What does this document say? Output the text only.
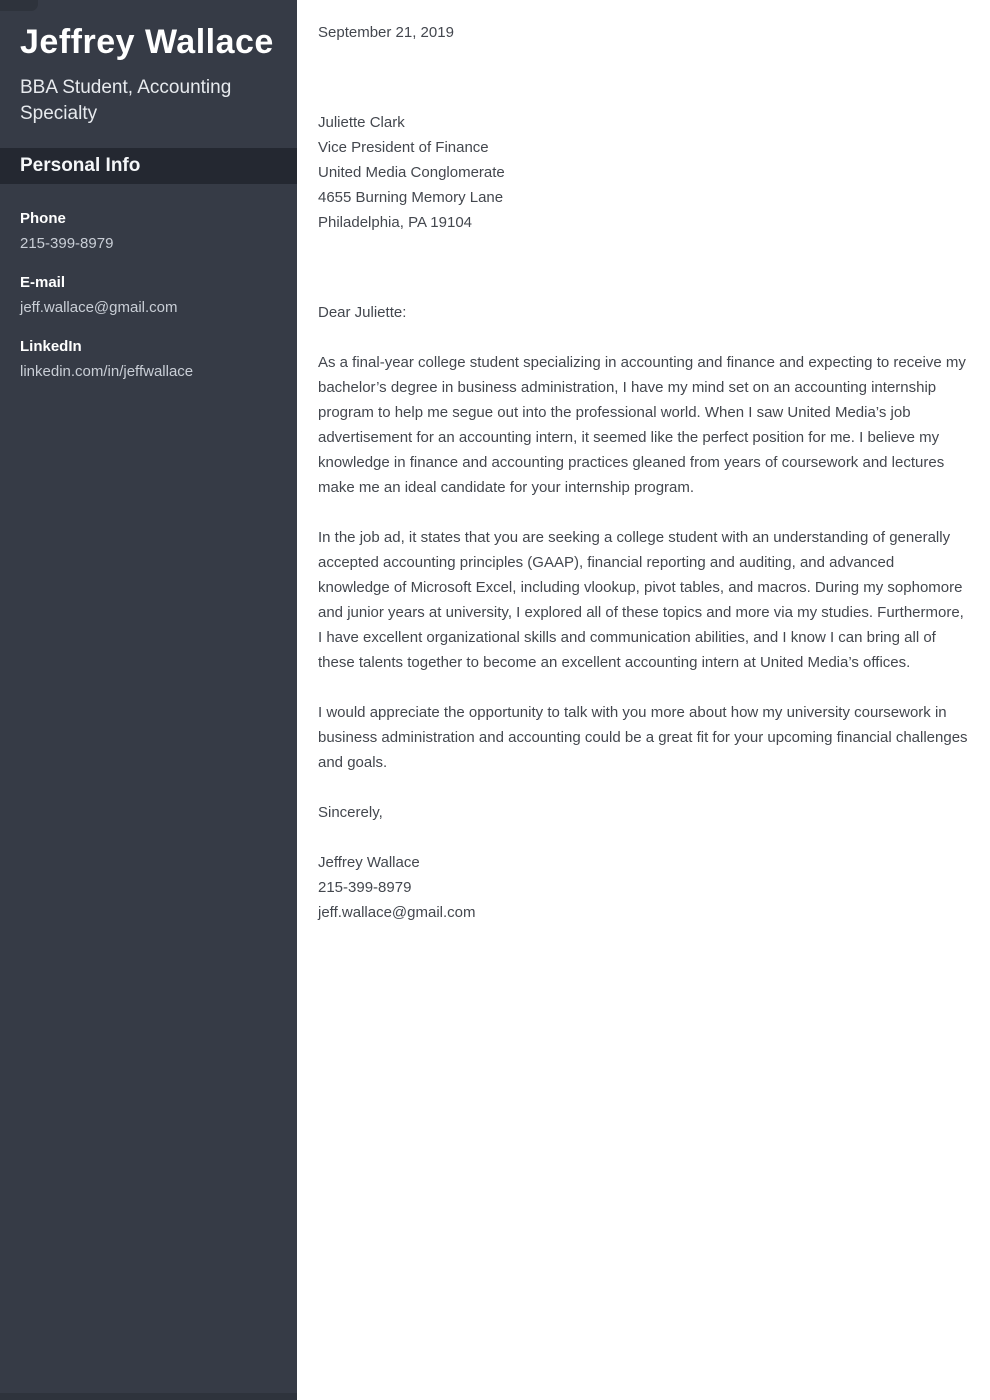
Jeffrey Wallace

BBA Student, Accounting Specialty

Personal Info
Phone
215-399-8979
E-mail
jeff.wallace@gmail.com
LinkedIn
linkedin.com/in/jeffwallace

September 21, 2019

Juliette Clark

Vice President of Finance

United Media Conglomerate

4655 Burning Memory Lane

Philadelphia, PA 19104

Dear Juliette:

As a final-year college student specializing in accounting and finance and expecting to receive my bachelor’s degree in business administration, I have my mind set on an accounting internship program to help me segue out into the professional world. When I saw United Media’s job advertisement for an accounting intern, it seemed like the perfect position for me. I believe my knowledge in finance and accounting practices gleaned from years of coursework and lectures make me an ideal candidate for your internship program.

In the job ad, it states that you are seeking a college student with an understanding of generally accepted accounting principles (GAAP), financial reporting and auditing, and advanced knowledge of Microsoft Excel, including vlookup, pivot tables, and macros. During my sophomore and junior years at university, I explored all of these topics and more via my studies. Furthermore, I have excellent organizational skills and communication abilities, and I know I can bring all of these talents together to become an excellent accounting intern at United Media’s offices.

I would appreciate the opportunity to talk with you more about how my university coursework in business administration and accounting could be a great fit for your upcoming financial challenges and goals.

Sincerely,

Jeffrey Wallace

215-399-8979

jeff.wallace@gmail.com
